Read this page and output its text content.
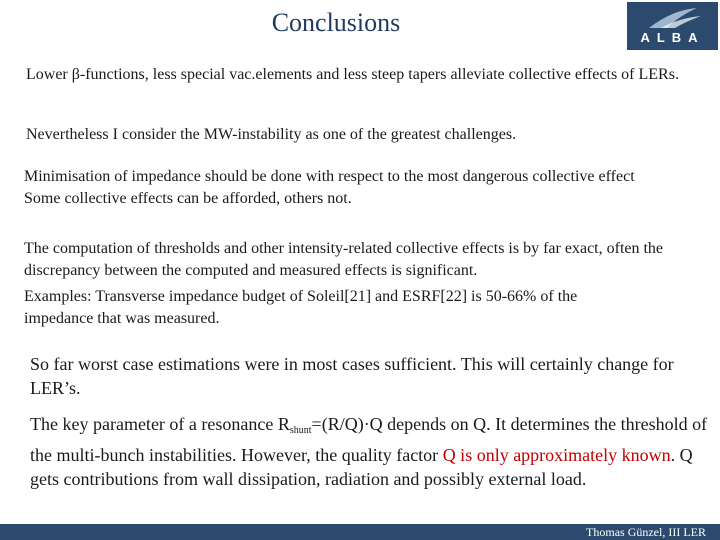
Conclusions
ALBA

Lower β-functions, less special vac.elements and less steep tapers alleviate collective effects of LERs.

Nevertheless I consider the MW-instability as one of the greatest challenges.

Minimisation of impedance should be done with respect to the most dangerous collective effect
Some collective effects can be afforded, others not.

The computation of thresholds and other intensity-related collective effects is by far exact, often the discrepancy between the computed and measured effects is significant.

Examples: Transverse impedance budget of Soleil[21] and ESRF[22] is 50-66% of the impedance that was measured.

So far worst case estimations were in most cases sufficient. This will certainly change for LER’s.

The key parameter of a resonance $R_{shunt}=(R/Q)\cdot Q$ depends on Q. It determines the threshold of the multi-bunch instabilities. However, the quality factor Q is only approximately known. Q gets contributions from wall dissipation, radiation and possibly external load.

Thomas Günzel, III LER
